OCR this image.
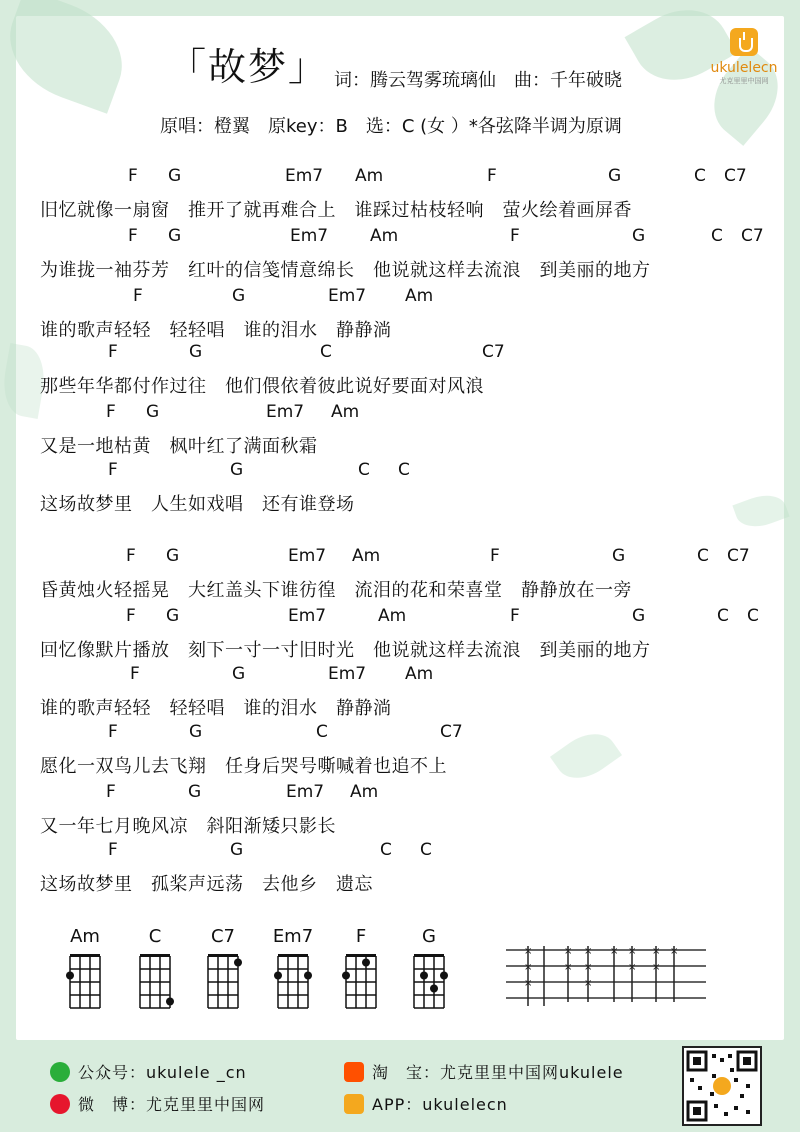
「故梦」 词：腾云驾雾琉璃仙　曲：千年破晓
原唱：橙翼　原key：B　选：C (女 ）*各弦降半调为原调
ukulelecn
尤克里里中国网
F G	Em7 Am	F	G	C C7
旧忆就像一扇窗　推开了就再难合上　谁踩过枯枝轻响　萤火绘着画屏香
F G	Em7 Am	F	G	C C7
为谁拢一袖芬芳　红叶的信笺情意绵长　他说就这样去流浪　到美丽的地方
F	G	Em7 Am
谁的歌声轻轻　轻轻唱　谁的泪水　静静淌
F	G	C	C7
那些年华都付作过往　他们偎依着彼此说好要面对风浪
F G	Em7 Am
又是一地枯黄　枫叶红了满面秋霜
F	G	C C
这场故梦里　人生如戏唱　还有谁登场
F G	Em7 Am	F	G	C C7
昏黄烛火轻摇晃　大红盖头下谁彷徨　流泪的花和荣喜堂　静静放在一旁
F G	Em7	Am	F	G	C C
回忆像默片播放　刻下一寸一寸旧时光　他说就这样去流浪　到美丽的地方
F	G	Em7 Am
谁的歌声轻轻　轻轻唱　谁的泪水　静静淌
F	G	C	C7
愿化一双鸟儿去飞翔　任身后哭号嘶喊着也追不上
F	G	Em7 Am
又一年七月晚风凉　斜阳渐矮只影长
F	G	C C
这场故梦里　孤桨声远荡　去他乡　遗忘
Am	C	C7	Em7	F	G
×
×
×
×
×
×
×
×
× ×
×
×
×
×
公众号：ukulele _cn
微　博：尤克里里中国网
淘　宝：尤克里里中国网ukulele
APP：ukulelecn
